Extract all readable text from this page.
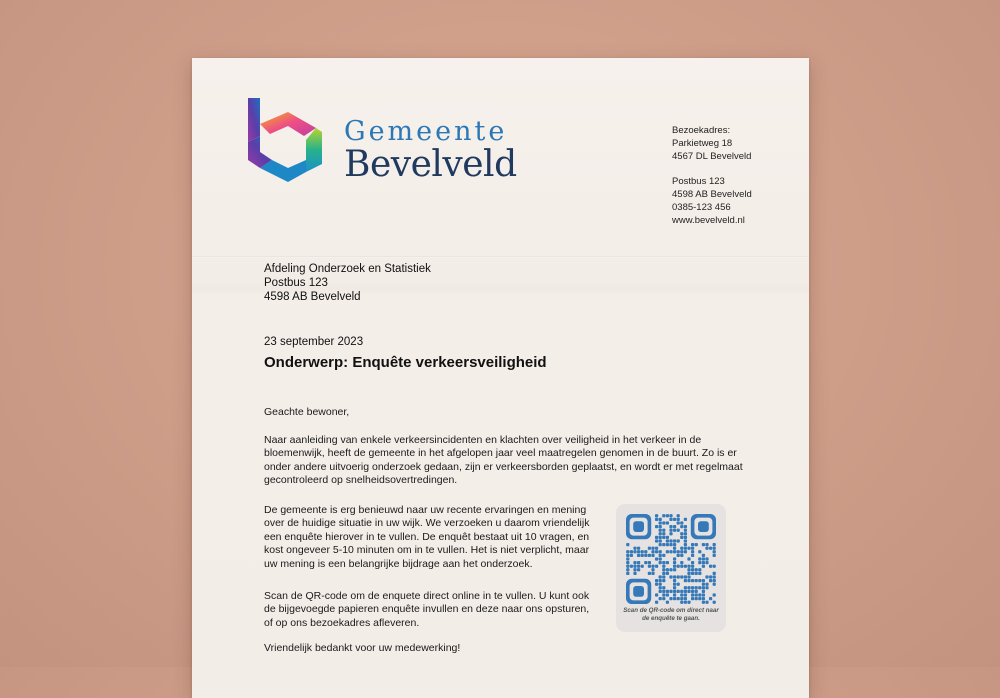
Gemeente
Bevelveld
Bezoekadres:
Parkietweg 18
4567 DL Bevelveld
Postbus 123
4598 AB Bevelveld
0385-123 456
www.bevelveld.nl
Afdeling Onderzoek en Statistiek
Postbus 123
4598 AB Bevelveld
23 september 2023
Onderwerp: Enquête verkeersveiligheid
Geachte bewoner,
Naar aanleiding van enkele verkeersincidenten en klachten over veiligheid in het verkeer in de bloemenwijk, heeft de gemeente in het afgelopen jaar veel maatregelen genomen in de buurt. Zo is er onder andere uitvoerig onderzoek gedaan, zijn er verkeersborden geplaatst, en wordt er met regelmaat gecontroleerd op snelheidsovertredingen.
De gemeente is erg benieuwd naar uw recente ervaringen en mening over de huidige situatie in uw wijk. We verzoeken u daarom vriendelijk een enquête hierover in te vullen. De enquêt bestaat uit 10 vragen, en kost ongeveer 5-10 minuten om in te vullen. Het is niet verplicht, maar uw mening is een belangrijke bijdrage aan het onderzoek.
Scan de QR-code om de enquete direct online in te vullen. U kunt ook de bijgevoegde papieren enquête invullen en deze naar ons opsturen, of op ons bezoekadres afleveren.
Vriendelijk bedankt voor uw medewerking!
Scan de QR-code om direct naar de enquête te gaan.
